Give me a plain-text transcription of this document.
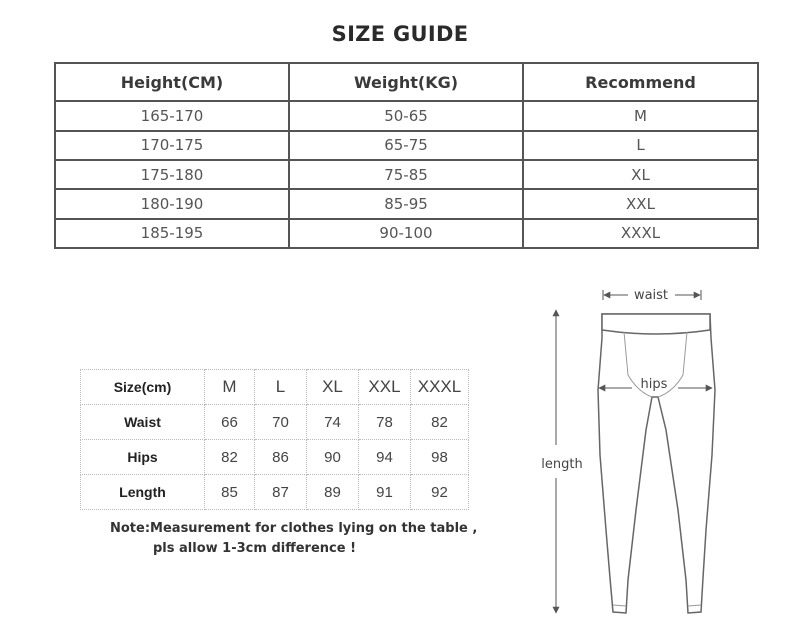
SIZE GUIDE
Height(CM)	Weight(KG)	Recommend
165-170	50-65	M
170-175	65-75	L
175-180	75-85	XL
180-190	85-95	XXL
185-195	90-100	XXXL
Size(cm)	M	L	XL	XXL	XXXL
Waist	66	70	74	78	82
Hips	82	86	90	94	98
Length	85	87	89	91	92
Note:Measurement for clothes lying on the table ,
pls allow 1-3cm difference !
waist
hips
length
